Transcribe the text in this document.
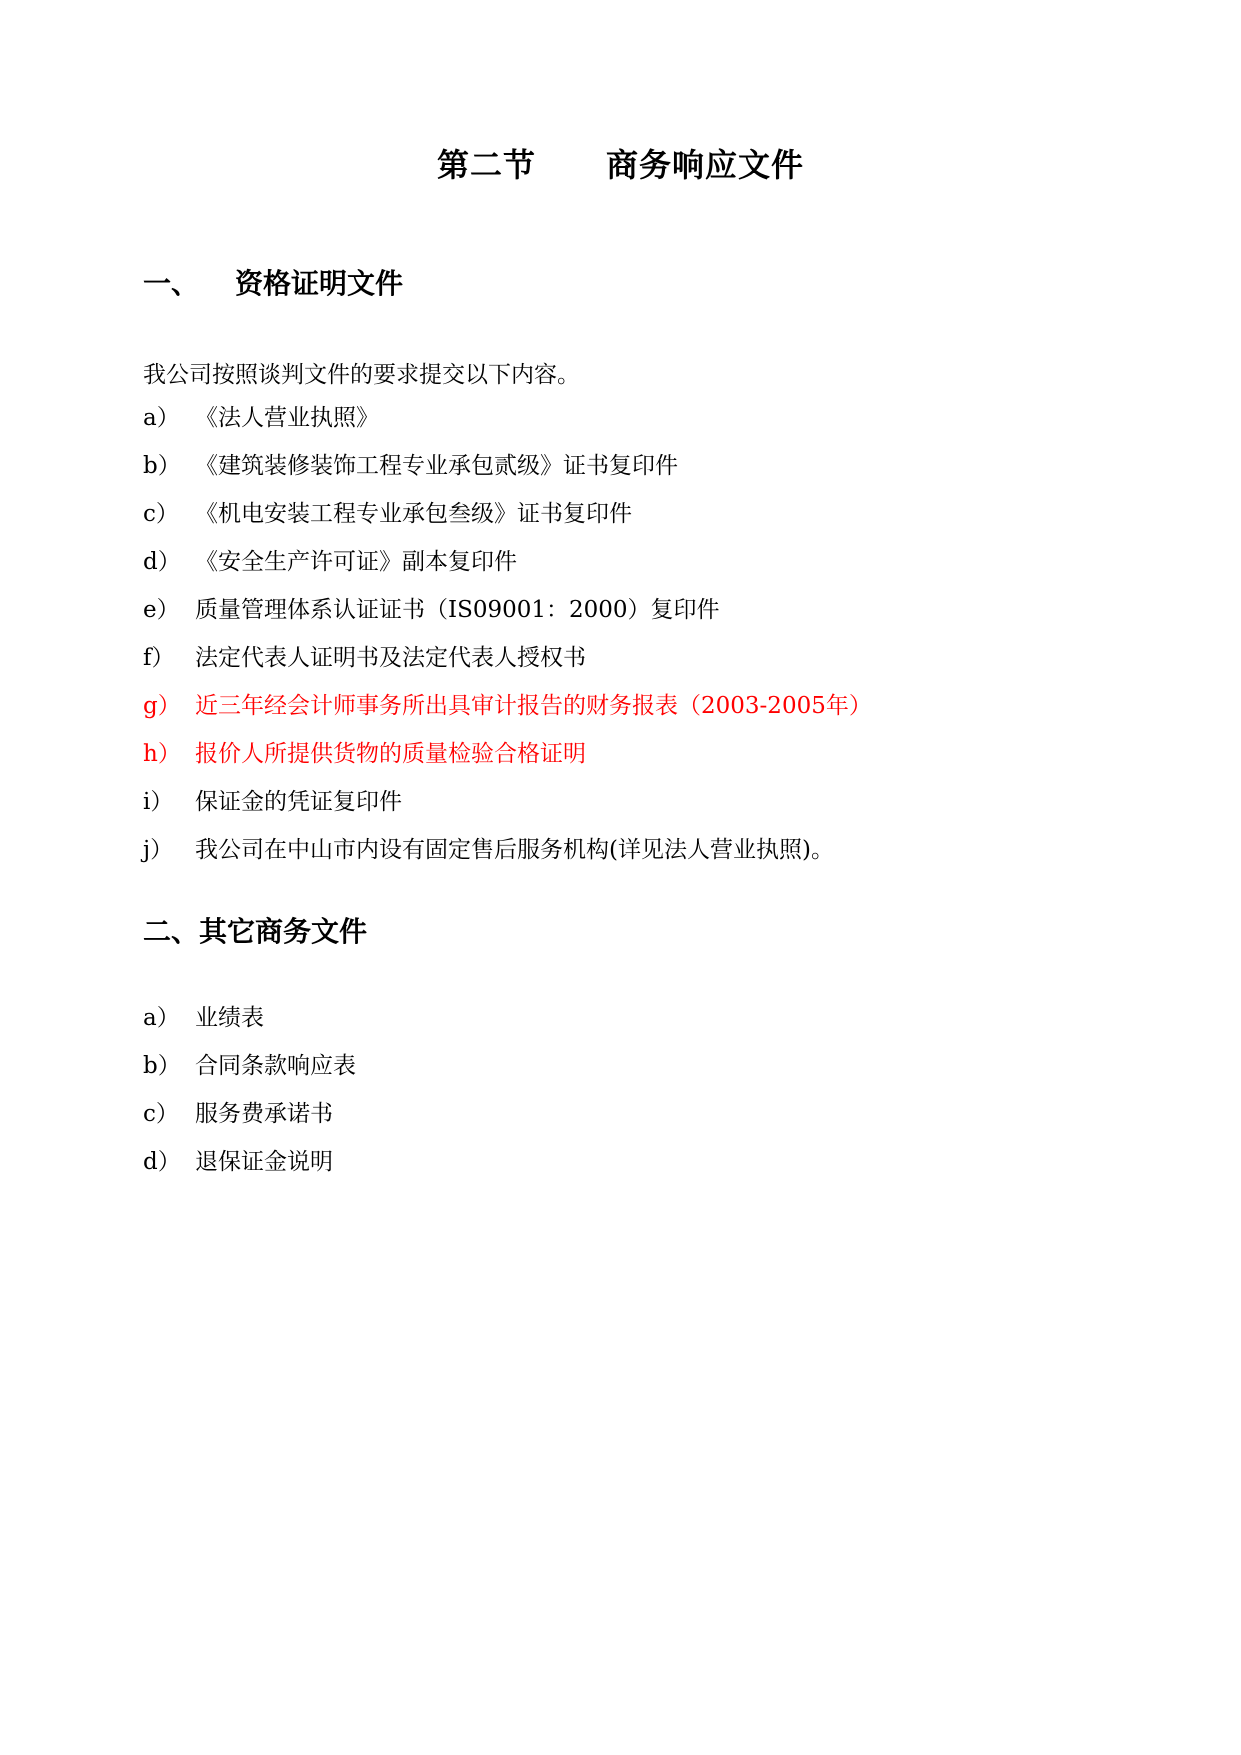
第二节 商务响应文件
一、 资格证明文件
我公司按照谈判文件的要求提交以下内容。
a） 《法人营业执照》
b） 《建筑装修装饰工程专业承包贰级》证书复印件
c） 《机电安装工程专业承包叁级》证书复印件
d） 《安全生产许可证》副本复印件
e） 质量管理体系认证证书（IS09001：2000）复印件
f） 法定代表人证明书及法定代表人授权书
g） 近三年经会计师事务所出具审计报告的财务报表（2003-2005年）
h） 报价人所提供货物的质量检验合格证明
i） 保证金的凭证复印件
j） 我公司在中山市内设有固定售后服务机构(详见法人营业执照)。
二、其它商务文件
a） 业绩表
b） 合同条款响应表
c） 服务费承诺书
d） 退保证金说明
